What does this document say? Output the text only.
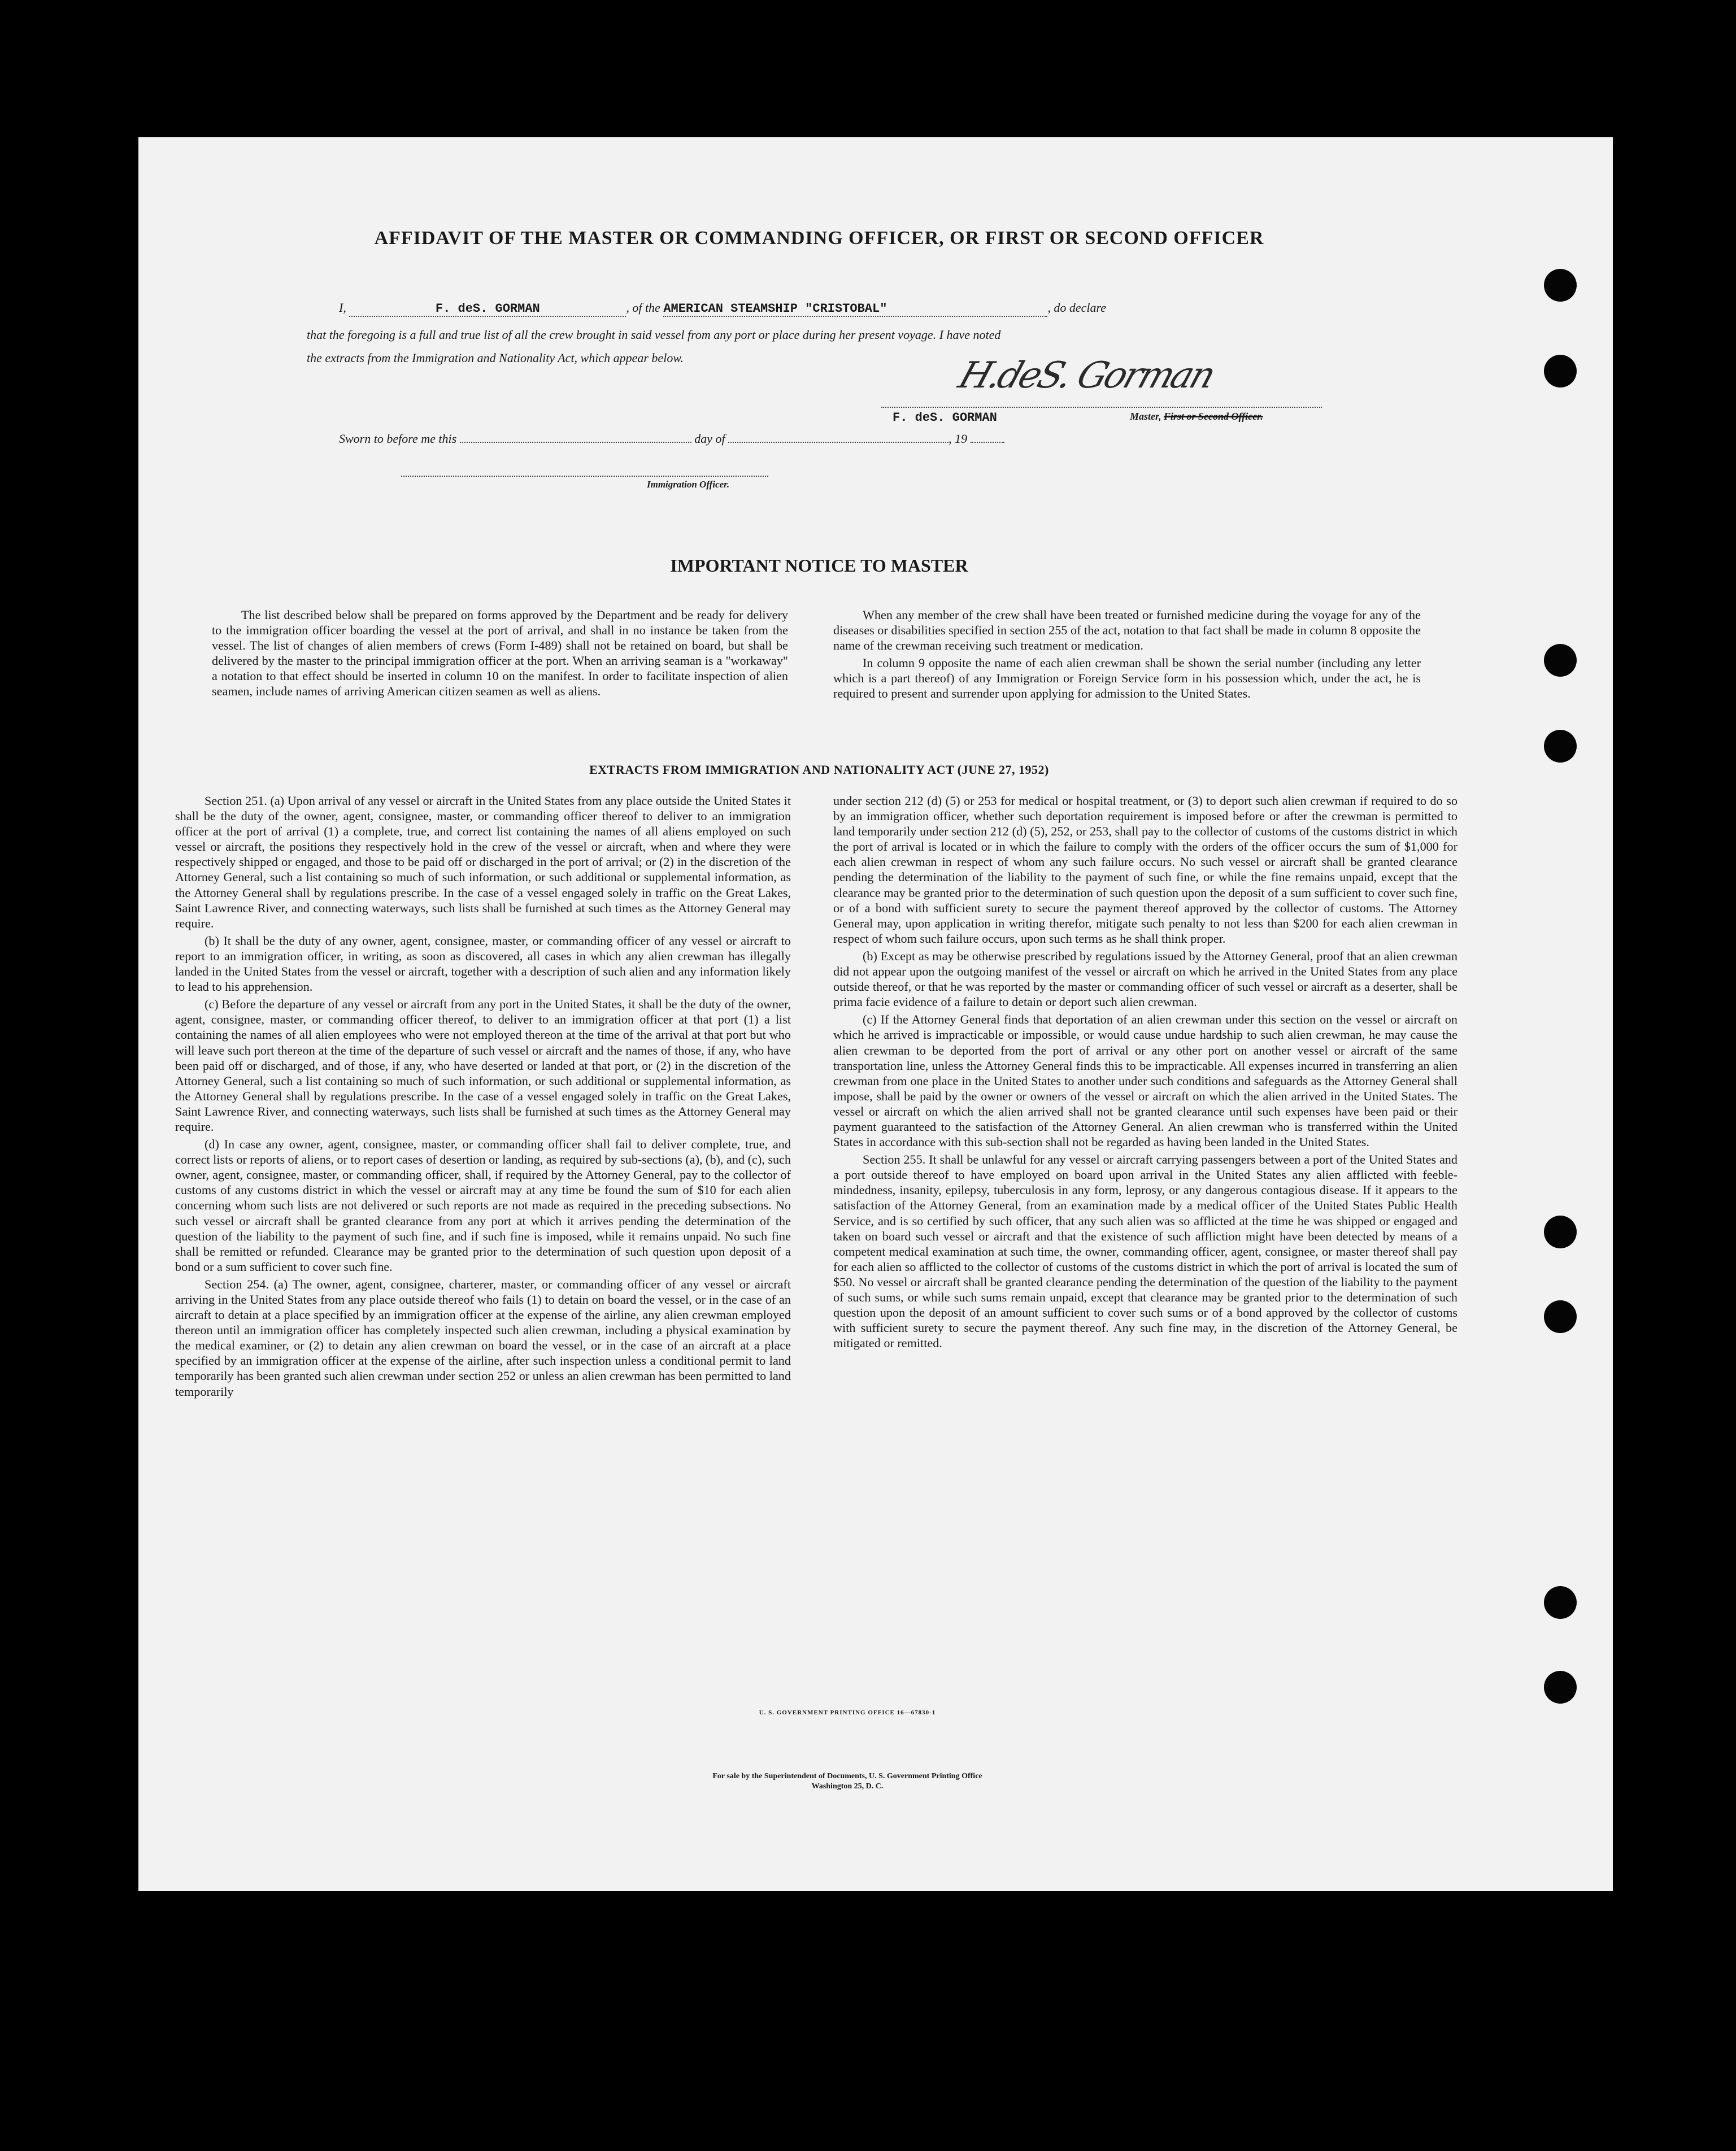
AFFIDAVIT OF THE MASTER OR COMMANDING OFFICER, OR FIRST OR SECOND OFFICER
I,	F. deS. GORMAN	, of the AMERICAN STEAMSHIP "CRISTOBAL"	, do declare
that the foregoing is a full and true list of all the crew brought in said vessel from any port or place during her present voyage. I have noted
the extracts from the Immigration and Nationality Act, which appear below.	H.deS. Gorman
F. deS. GORMAN	Master, First or Second Officer.
Sworn to before me this	day of	, 19
Immigration Officer.
IMPORTANT NOTICE TO MASTER

The list described below shall be prepared on forms approved by the Department and be ready for delivery to the immigration officer boarding the vessel at the port of arrival, and shall in no instance be taken from the vessel. The list of changes of alien members of crews (Form I-489) shall not be retained on board, but shall be delivered by the master to the principal immigration officer at the port. When an arriving seaman is a "workaway" a notation to that effect should be inserted in column 10 on the manifest. In order to facilitate inspection of alien seamen, include names of arriving American citizen seamen as well as aliens.

When any member of the crew shall have been treated or furnished medicine during the voyage for any of the diseases or disabilities specified in section 255 of the act, notation to that fact shall be made in column 8 opposite the name of the crewman receiving such treatment or medication.

In column 9 opposite the name of each alien crewman shall be shown the serial number (including any letter which is a part thereof) of any Immigration or Foreign Service form in his possession which, under the act, he is required to present and surrender upon applying for admission to the United States.

EXTRACTS FROM IMMIGRATION AND NATIONALITY ACT (JUNE 27, 1952)

Section 251. (a) Upon arrival of any vessel or aircraft in the United States from any place outside the United States it shall be the duty of the owner, agent, consignee, master, or commanding officer thereof to deliver to an immigration officer at the port of arrival (1) a complete, true, and correct list containing the names of all aliens employed on such vessel or aircraft, the positions they respectively hold in the crew of the vessel or aircraft, when and where they were respectively shipped or engaged, and those to be paid off or discharged in the port of arrival; or (2) in the discretion of the Attorney General, such a list containing so much of such information, or such additional or supplemental information, as the Attorney General shall by regulations prescribe. In the case of a vessel engaged solely in traffic on the Great Lakes, Saint Lawrence River, and connecting waterways, such lists shall be furnished at such times as the Attorney General may require.

(b) It shall be the duty of any owner, agent, consignee, master, or commanding officer of any vessel or aircraft to report to an immigration officer, in writing, as soon as discovered, all cases in which any alien crewman has illegally landed in the United States from the vessel or aircraft, together with a description of such alien and any information likely to lead to his apprehension.

(c) Before the departure of any vessel or aircraft from any port in the United States, it shall be the duty of the owner, agent, consignee, master, or commanding officer thereof, to deliver to an immigration officer at that port (1) a list containing the names of all alien employees who were not employed thereon at the time of the arrival at that port but who will leave such port thereon at the time of the departure of such vessel or aircraft and the names of those, if any, who have been paid off or discharged, and of those, if any, who have deserted or landed at that port, or (2) in the discretion of the Attorney General, such a list containing so much of such information, or such additional or supplemental information, as the Attorney General shall by regulations prescribe. In the case of a vessel engaged solely in traffic on the Great Lakes, Saint Lawrence River, and connecting waterways, such lists shall be furnished at such times as the Attorney General may require.

(d) In case any owner, agent, consignee, master, or commanding officer shall fail to deliver complete, true, and correct lists or reports of aliens, or to report cases of desertion or landing, as required by sub-sections (a), (b), and (c), such owner, agent, consignee, master, or commanding officer, shall, if required by the Attorney General, pay to the collector of customs of any customs district in which the vessel or aircraft may at any time be found the sum of $10 for each alien concerning whom such lists are not delivered or such reports are not made as required in the preceding subsections. No such vessel or aircraft shall be granted clearance from any port at which it arrives pending the determination of the question of the liability to the payment of such fine, and if such fine is imposed, while it remains unpaid. No such fine shall be remitted or refunded. Clearance may be granted prior to the determination of such question upon deposit of a bond or a sum sufficient to cover such fine.

Section 254. (a) The owner, agent, consignee, charterer, master, or commanding officer of any vessel or aircraft arriving in the United States from any place outside thereof who fails (1) to detain on board the vessel, or in the case of an aircraft to detain at a place specified by an immigration officer at the expense of the airline, any alien crewman employed thereon until an immigration officer has completely inspected such alien crewman, including a physical examination by the medical examiner, or (2) to detain any alien crewman on board the vessel, or in the case of an aircraft at a place specified by an immigration officer at the expense of the airline, after such inspection unless a conditional permit to land temporarily has been granted such alien crewman under section 252 or unless an alien crewman has been permitted to land temporarily

under section 212 (d) (5) or 253 for medical or hospital treatment, or (3) to deport such alien crewman if required to do so by an immigration officer, whether such deportation requirement is imposed before or after the crewman is permitted to land temporarily under section 212 (d) (5), 252, or 253, shall pay to the collector of customs of the customs district in which the port of arrival is located or in which the failure to comply with the orders of the officer occurs the sum of $1,000 for each alien crewman in respect of whom any such failure occurs. No such vessel or aircraft shall be granted clearance pending the determination of the liability to the payment of such fine, or while the fine remains unpaid, except that the clearance may be granted prior to the determination of such question upon the deposit of a sum sufficient to cover such fine, or of a bond with sufficient surety to secure the payment thereof approved by the collector of customs. The Attorney General may, upon application in writing therefor, mitigate such penalty to not less than $200 for each alien crewman in respect of whom such failure occurs, upon such terms as he shall think proper.

(b) Except as may be otherwise prescribed by regulations issued by the Attorney General, proof that an alien crewman did not appear upon the outgoing manifest of the vessel or aircraft on which he arrived in the United States from any place outside thereof, or that he was reported by the master or commanding officer of such vessel or aircraft as a deserter, shall be prima facie evidence of a failure to detain or deport such alien crewman.

(c) If the Attorney General finds that deportation of an alien crewman under this section on the vessel or aircraft on which he arrived is impracticable or impossible, or would cause undue hardship to such alien crewman, he may cause the alien crewman to be deported from the port of arrival or any other port on another vessel or aircraft of the same transportation line, unless the Attorney General finds this to be impracticable. All expenses incurred in transferring an alien crewman from one place in the United States to another under such conditions and safeguards as the Attorney General shall impose, shall be paid by the owner or owners of the vessel or aircraft on which the alien arrived in the United States. The vessel or aircraft on which the alien arrived shall not be granted clearance until such expenses have been paid or their payment guaranteed to the satisfaction of the Attorney General. An alien crewman who is transferred within the United States in accordance with this sub-section shall not be regarded as having been landed in the United States.

Section 255. It shall be unlawful for any vessel or aircraft carrying passengers between a port of the United States and a port outside thereof to have employed on board upon arrival in the United States any alien afflicted with feeble-mindedness, insanity, epilepsy, tuberculosis in any form, leprosy, or any dangerous contagious disease. If it appears to the satisfaction of the Attorney General, from an examination made by a medical officer of the United States Public Health Service, and is so certified by such officer, that any such alien was so afflicted at the time he was shipped or engaged and taken on board such vessel or aircraft and that the existence of such affliction might have been detected by means of a competent medical examination at such time, the owner, commanding officer, agent, consignee, or master thereof shall pay for each alien so afflicted to the collector of customs of the customs district in which the port of arrival is located the sum of $50. No vessel or aircraft shall be granted clearance pending the determination of the question of the liability to the payment of such sums, or while such sums remain unpaid, except that clearance may be granted prior to the determination of such question upon the deposit of an amount sufficient to cover such sums or of a bond approved by the collector of customs with sufficient surety to secure the payment thereof. Any such fine may, in the discretion of the Attorney General, be mitigated or remitted.

U. S. GOVERNMENT PRINTING OFFICE 16—67830-1
For sale by the Superintendent of Documents, U. S. Government Printing Office
Washington 25, D. C.
